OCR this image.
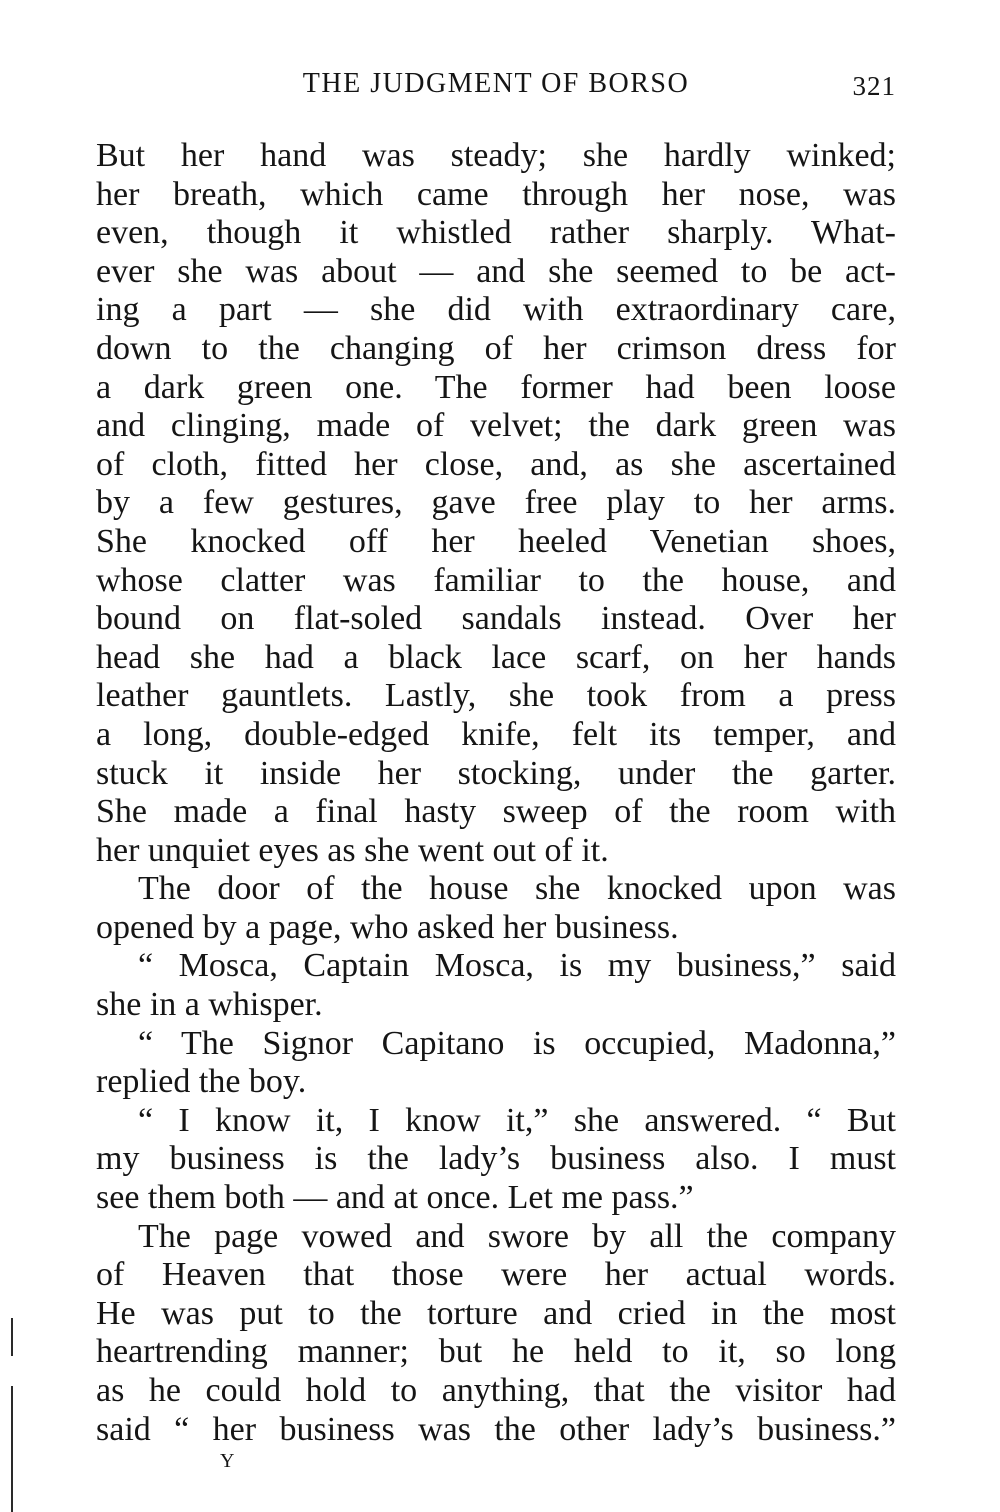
THE JUDGMENT OF BORSO	321
But her hand was steady; she hardly winked;
her breath, which came through her nose, was
even, though it whistled rather sharply. What-
ever she was about — and she seemed to be act-
ing a part — she did with extraordinary care,
down to the changing of her crimson dress for
a dark green one. The former had been loose
and clinging, made of velvet; the dark green was
of cloth, fitted her close, and, as she ascertained
by a few gestures, gave free play to her arms.
She knocked off her heeled Venetian shoes,
whose clatter was familiar to the house, and
bound on flat-soled sandals instead. Over her
head she had a black lace scarf, on her hands
leather gauntlets. Lastly, she took from a press
a long, double-edged knife, felt its temper, and
stuck it inside her stocking, under the garter.
She made a final hasty sweep of the room with
her unquiet eyes as she went out of it.
The door of the house she knocked upon was
opened by a page, who asked her business.
“ Mosca, Captain Mosca, is my business,” said
she in a whisper.
“ The Signor Capitano is occupied, Madonna,”
replied the boy.
“ I know it, I know it,” she answered. “ But
my business is the lady’s business also. I must
see them both — and at once. Let me pass.”
The page vowed and swore by all the company
of Heaven that those were her actual words.
He was put to the torture and cried in the most
heartrending manner; but he held to it, so long
as he could hold to anything, that the visitor had
said “ her business was the other lady’s business.”
Y
